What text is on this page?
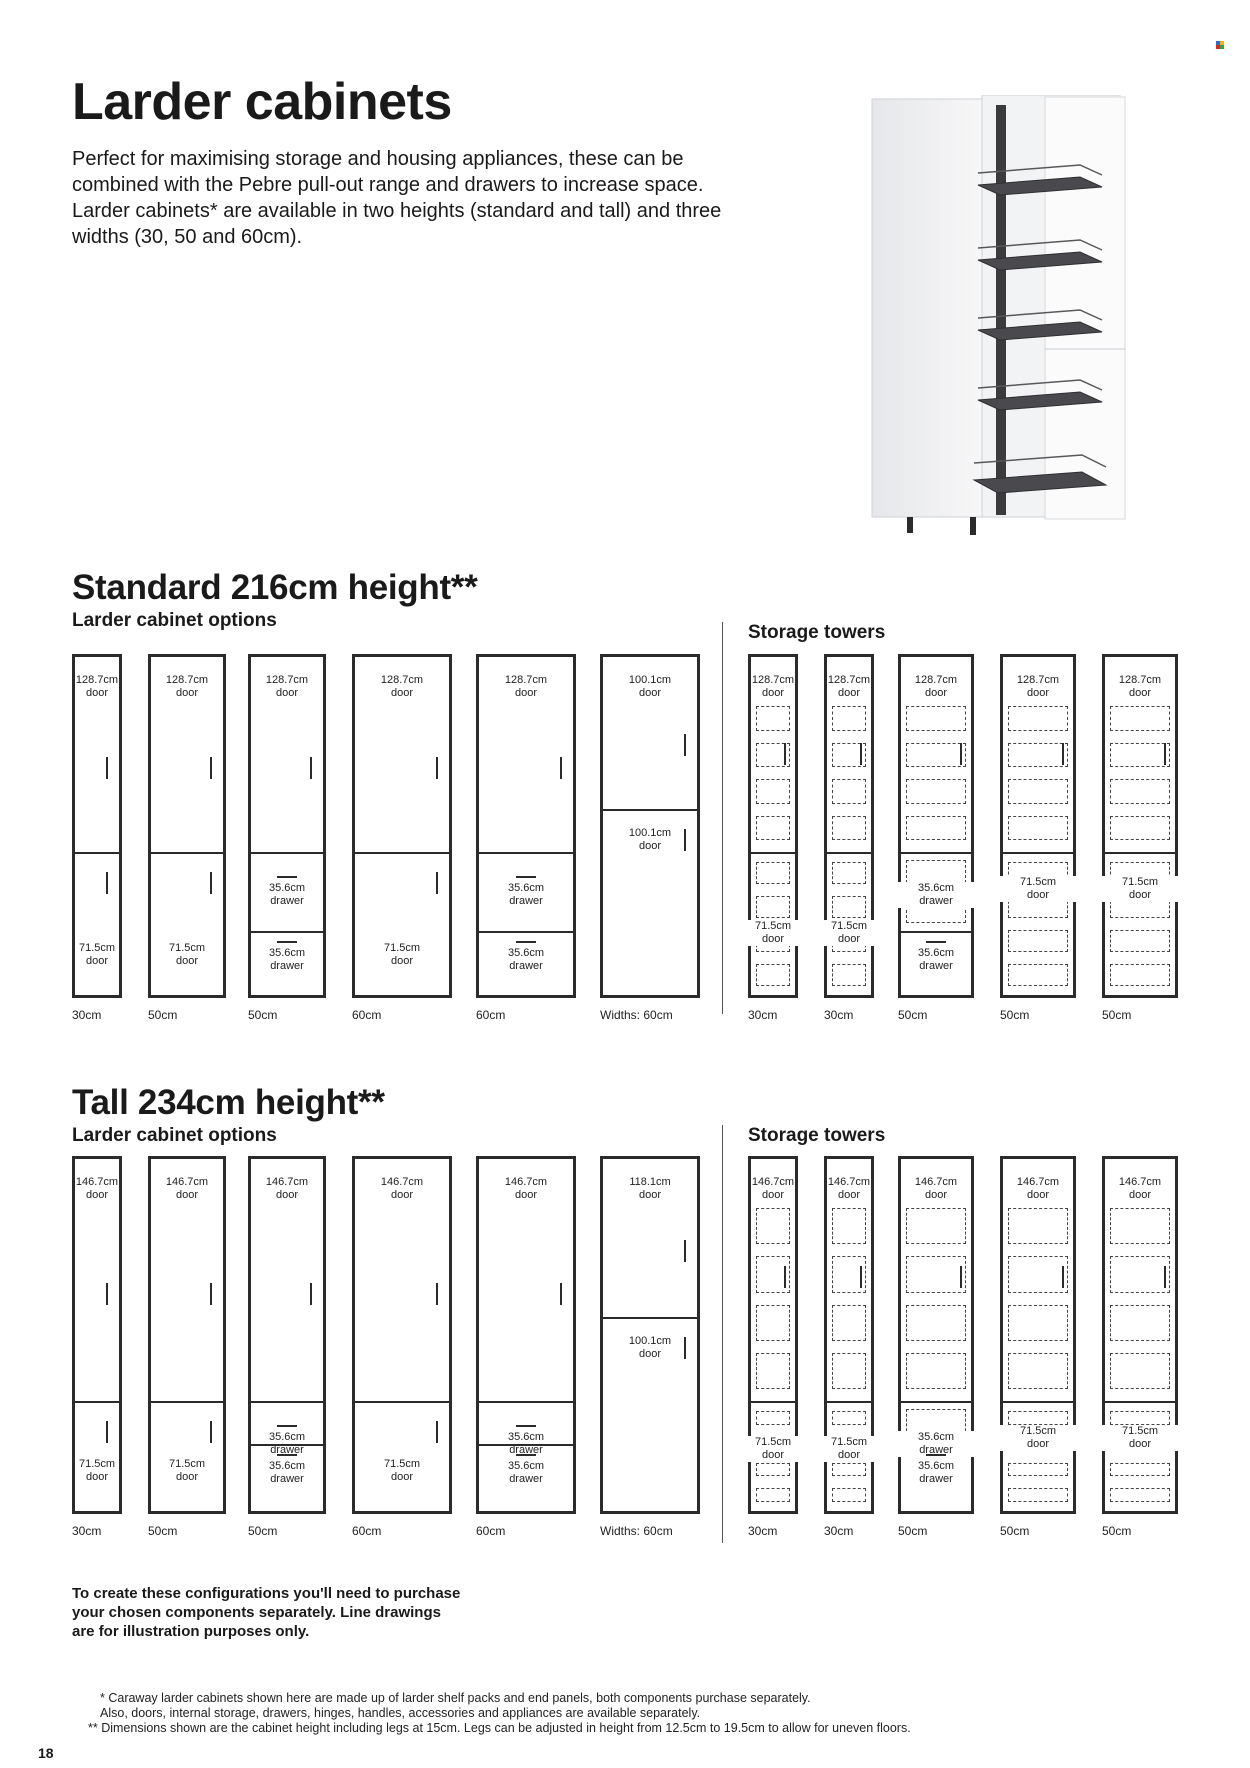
Larder cabinets
Perfect for maximising storage and housing appliances, these can be
combined with the Pebre pull-out range and drawers to increase space.
Larder cabinets* are available in two heights (standard and tall) and three
widths (30, 50 and 60cm).
Standard 216cm height**
Larder cabinet options
Storage towers
128.7cm
door
71.5cm
door
30cm
128.7cm
door
71.5cm
door
50cm
128.7cm
door
35.6cm
drawer
35.6cm
drawer
50cm
128.7cm
door
71.5cm
door
60cm
128.7cm
door
35.6cm
drawer
35.6cm
drawer
60cm
100.1cm
door
100.1cm
door
Widths: 60cm
128.7cm
door
71.5cm
door
30cm
128.7cm
door
71.5cm
door
30cm
128.7cm
door
35.6cm
drawer
35.6cm
drawer
50cm
128.7cm
door
71.5cm
door
50cm
128.7cm
door
71.5cm
door
50cm
Tall 234cm height**
Larder cabinet options	Storage towers
146.7cm
door
71.5cm
door
30cm
146.7cm
door
71.5cm
door
50cm
146.7cm
door
35.6cm
drawer
35.6cm
drawer
50cm
146.7cm
door
71.5cm
door
60cm
146.7cm
door
35.6cm
drawer
35.6cm
drawer
60cm
118.1cm
door
100.1cm
door
Widths: 60cm
146.7cm
door
71.5cm
door
30cm
146.7cm
door
71.5cm
door
30cm
146.7cm
door
35.6cm
drawer
35.6cm
drawer
50cm
146.7cm
door
71.5cm
door
50cm
146.7cm
door
71.5cm
door
50cm
To create these configurations you'll need to purchase
your chosen components separately. Line drawings
are for illustration purposes only.
* Caraway larder cabinets shown here are made up of larder shelf packs and end panels, both components purchase separately.
Also, doors, internal storage, drawers, hinges, handles, accessories and appliances are available separately.
** Dimensions shown are the cabinet height including legs at 15cm. Legs can be adjusted in height from 12.5cm to 19.5cm to allow for uneven floors.
18
